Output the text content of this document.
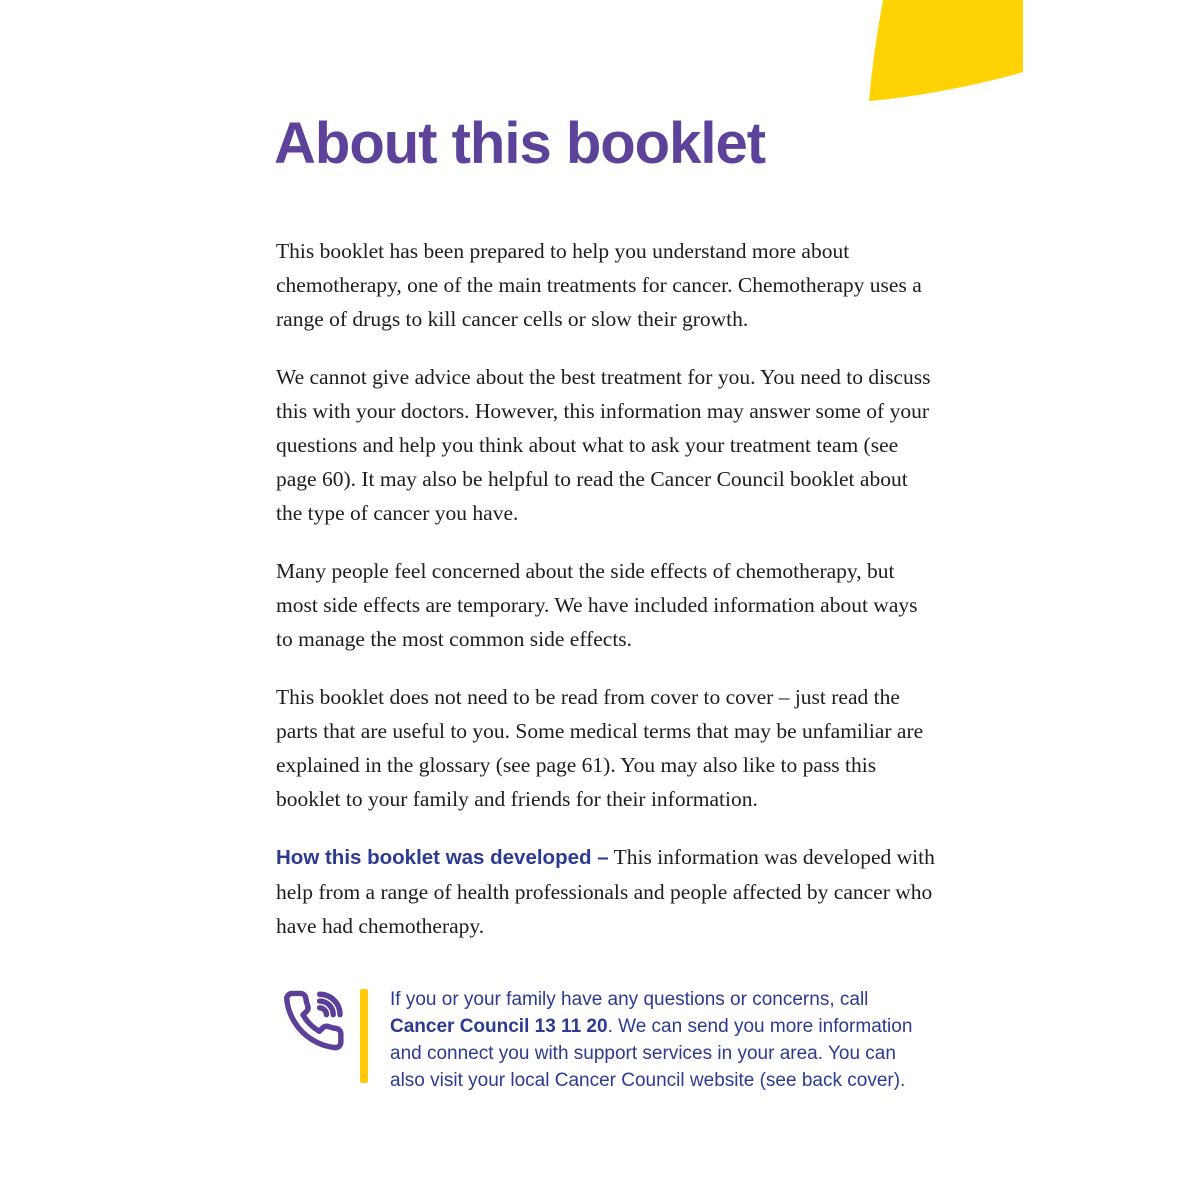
About this booklet

This booklet has been prepared to help you understand more about chemotherapy, one of the main treatments for cancer. Chemotherapy uses a range of drugs to kill cancer cells or slow their growth.

We cannot give advice about the best treatment for you. You need to discuss this with your doctors. However, this information may answer some of your questions and help you think about what to ask your treatment team (see page 60). It may also be helpful to read the Cancer Council booklet about the type of cancer you have.

Many people feel concerned about the side effects of chemotherapy, but most side effects are temporary. We have included information about ways to manage the most common side effects.

This booklet does not need to be read from cover to cover – just read the parts that are useful to you. Some medical terms that may be unfamiliar are explained in the glossary (see page 61). You may also like to pass this booklet to your family and friends for their information.

How this booklet was developed – This information was developed with help from a range of health professionals and people affected by cancer who have had chemotherapy.

If you or your family have any questions or concerns, call Cancer Council 13 11 20. We can send you more information and connect you with support services in your area. You can also visit your local Cancer Council website (see back cover).
